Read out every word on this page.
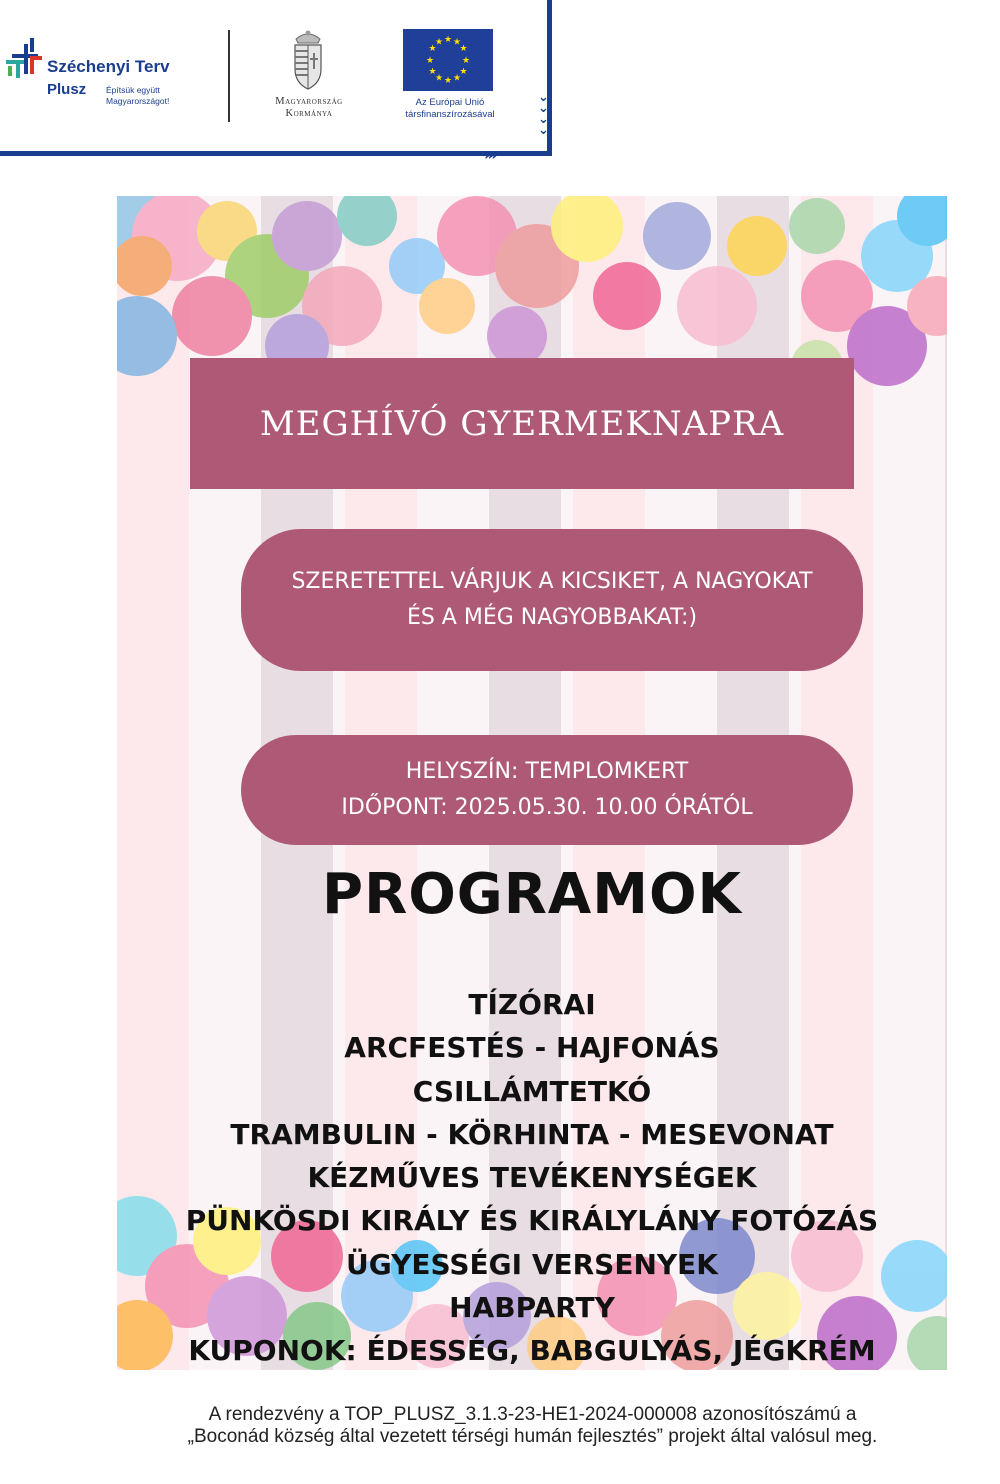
⌄
⌄
⌄
⌄
›››
Széchenyi Terv
Plusz Építsük együtt
Magyarországot!	Magyarország
Kormánya
★ ★
★
★
★
★
★
★
★
★
★
★
Az Európai Unió
társfinanszírozásával
MEGHÍVÓ GYERMEKNAPRA
SZERETETTEL VÁRJUK A KICSIKET, A NAGYOKAT
ÉS A MÉG NAGYOBBAKAT:)
HELYSZÍN: TEMPLOMKERT
IDŐPONT: 2025.05.30. 10.00 ÓRÁTÓL
PROGRAMOK
TÍZÓRAI
ARCFESTÉS - HAJFONÁS
CSILLÁMTETKÓ
TRAMBULIN - KÖRHINTA - MESEVONAT
KÉZMŰVES TEVÉKENYSÉGEK
PÜNKÖSDI KIRÁLY ÉS KIRÁLYLÁNY FOTÓZÁS
ÜGYESSÉGI VERSENYEK
HABPARTY
KUPONOK: ÉDESSÉG, BABGULYÁS, JÉGKRÉM
A rendezvény a TOP_PLUSZ_3.1.3-23-HE1-2024-000008 azonosítószámú a
„Boconád község által vezetett térségi humán fejlesztés” projekt által valósul meg.
